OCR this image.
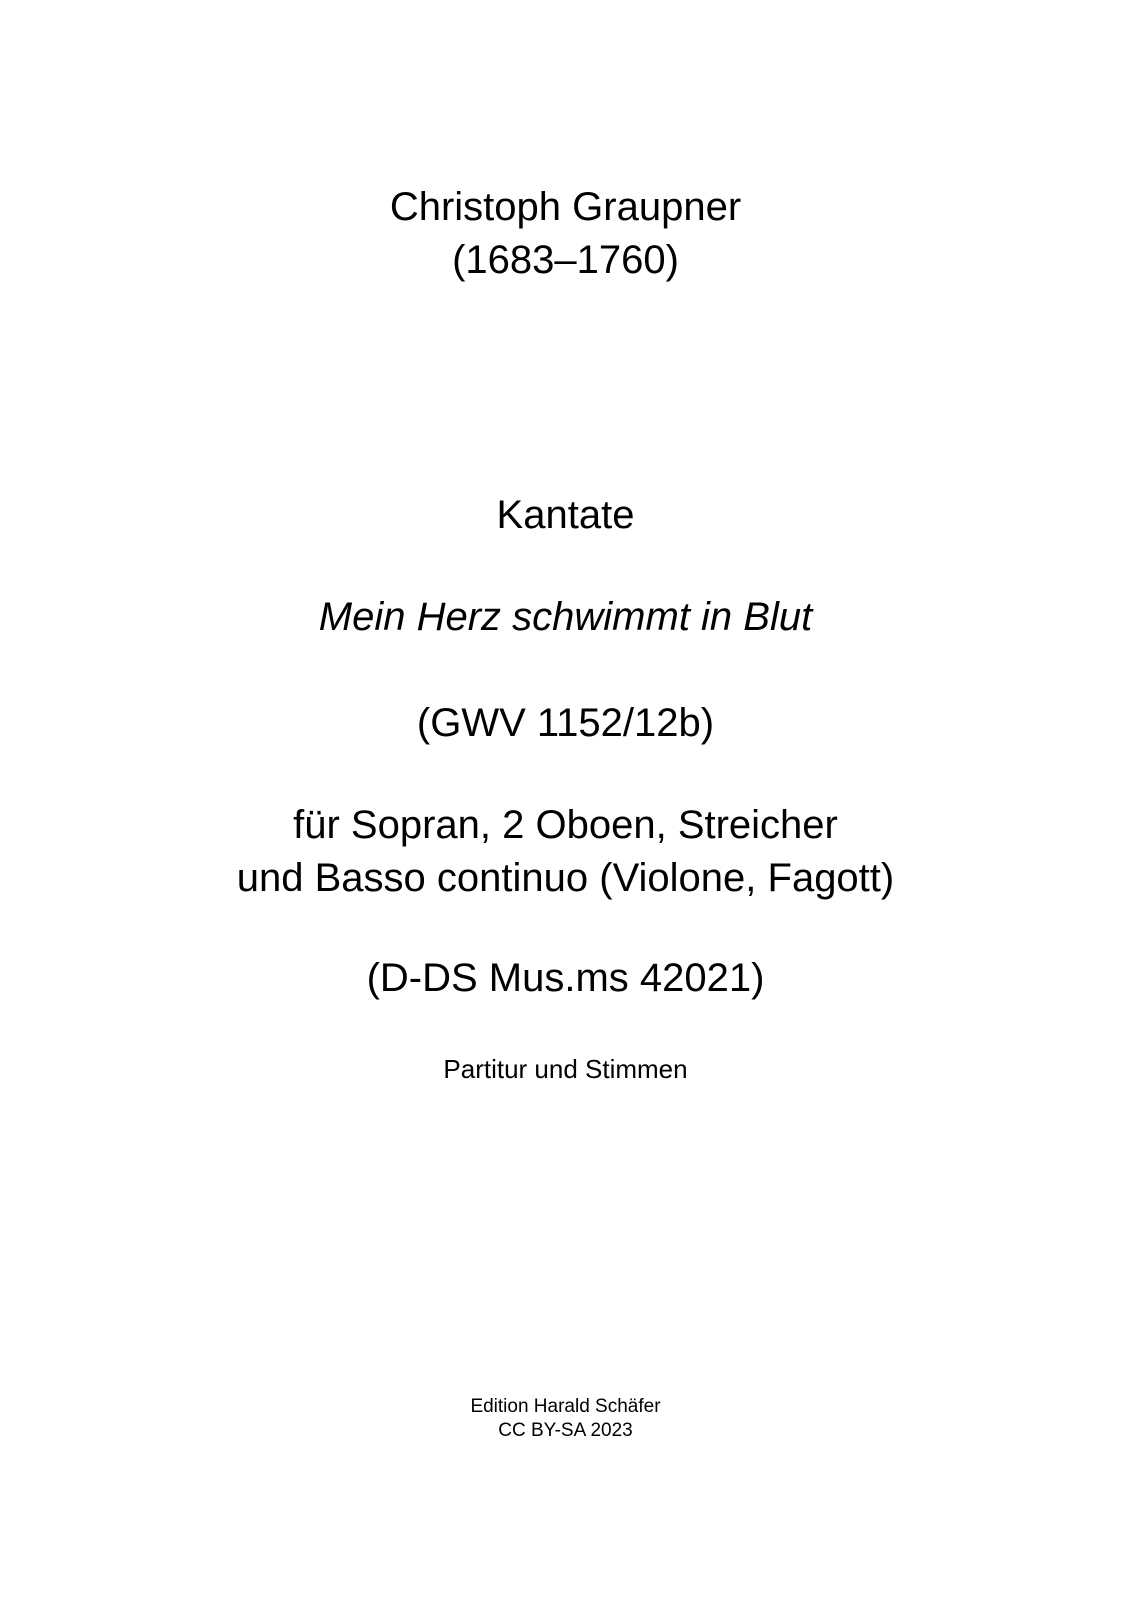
Christoph Graupner
(1683–1760)
Kantate
Mein Herz schwimmt in Blut
(GWV 1152/12b)
für Sopran, 2 Oboen, Streicher
und Basso continuo (Violone, Fagott)
(D-DS Mus.ms 42021)
Partitur und Stimmen
Edition Harald Schäfer
CC BY-SA 2023
